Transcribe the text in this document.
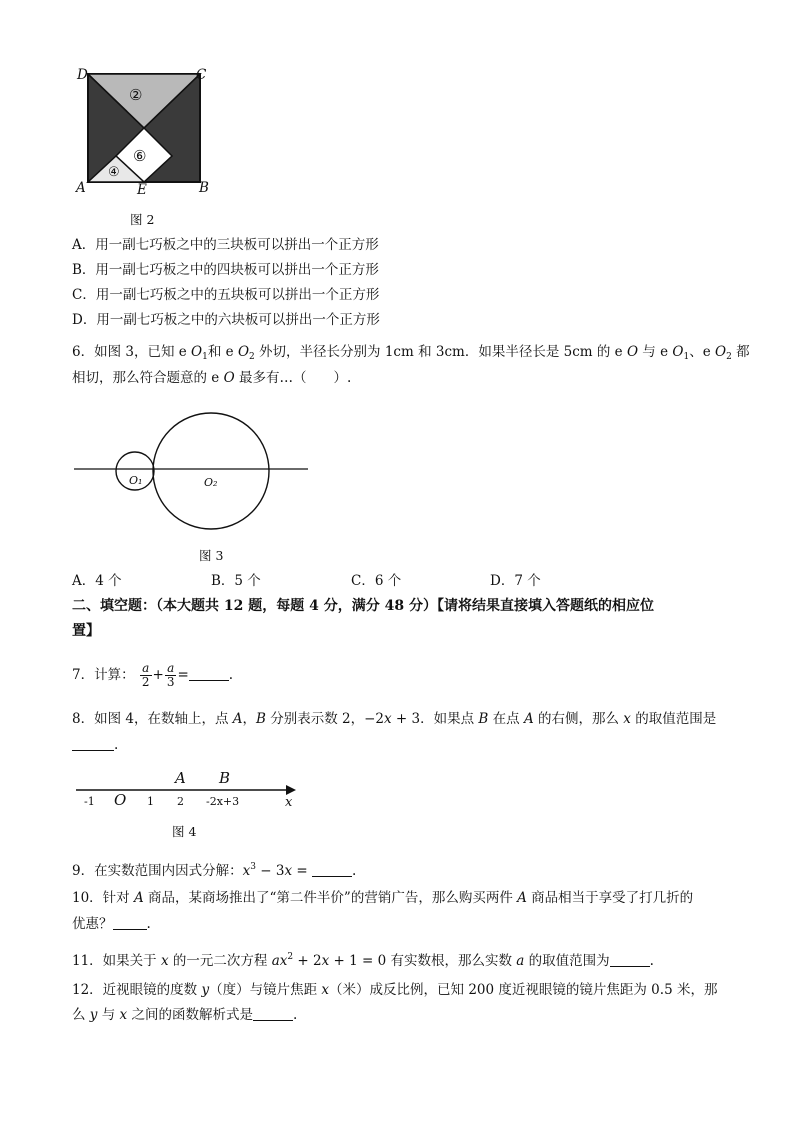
D	C
②
⑥
④
A	E	B
图 2
A．用一副七巧板之中的三块板可以拼出一个正方形
B．用一副七巧板之中的四块板可以拼出一个正方形
C．用一副七巧板之中的五块板可以拼出一个正方形
D．用一副七巧板之中的六块板可以拼出一个正方形
6．如图 3，已知 e $O_1$和 e $O_2$ 外切，半径长分别为 1cm 和 3cm．如果半径长是 5cm 的 e O 与 e $O_1$、e $O_2$ 都
相切，那么符合题意的 e O 最多有…（　　）.
O₁	O₂
图 3
A．4 个	B．5 个	C．6 个	D．7 个
二、填空题：（本大题共 12 题，每题 4 分，满分 48 分）【请将结果直接填入答题纸的相应位
置】
7．计算： $\frac{a}{2} + \frac{a}{3}$ =	.
8．如图 4，在数轴上，点 A，B 分别表示数 2，−2x + 3．如果点 B 在点 A 的右侧，那么 x 的取值范围是
.
-1 O 1 2 -2x+3
A B
x
图 4
9．在实数范围内因式分解：$x^3 - 3x$ =	.
10．针对 A 商品，某商场推出了“第二件半价”的营销广告，那么购买两件 A 商品相当于享受了打几折的
优惠？	.
11．如果关于 x 的一元二次方程 $ax^2 + 2x + 1 = 0$ 有实数根，那么实数 a 的取值范围为	.
12．近视眼镜的度数 y（度）与镜片焦距 x（米）成反比例，已知 200 度近视眼镜的镜片焦距为 0.5 米，那
么 y 与 x 之间的函数解析式是	.
